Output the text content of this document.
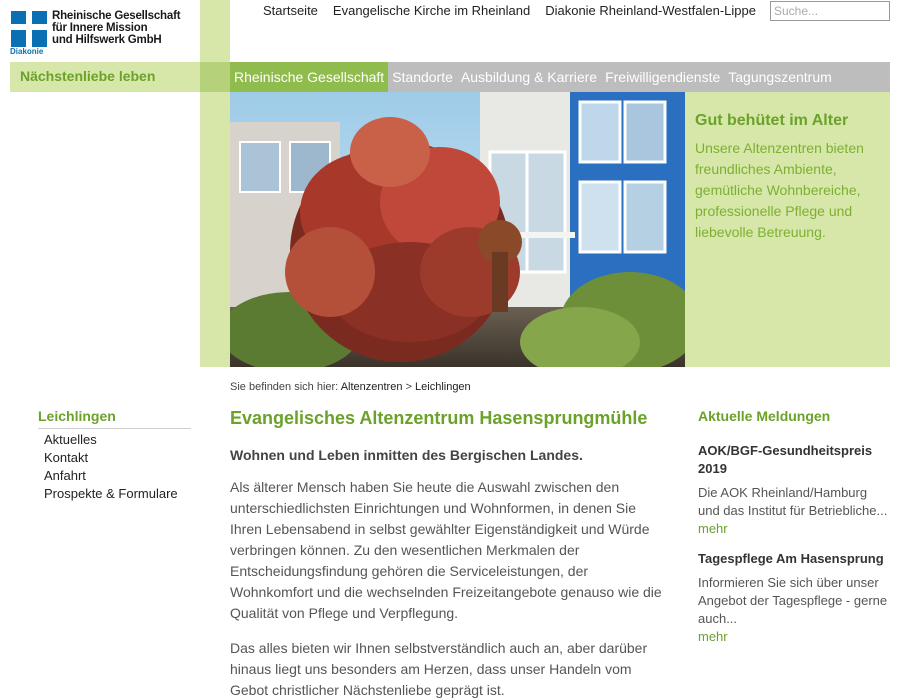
Diakonie
Rheinische Gesellschaft
für Innere Mission
und Hilfswerk GmbH
Startseite Evangelische Kirche im Rheinland Diakonie Rheinland-Westfalen-Lippe
Suche...
Nächstenliebe leben	Rheinische Gesellschaft Standorte Ausbildung & Karriere Freiwilligendienste Tagungszentrum
Gut behütet im Alter
Unsere Altenzentren bieten freundliches Ambiente, gemütliche Wohnbereiche, professionelle Pflege und liebevolle Betreuung.
Sie befinden sich hier: Altenzentren > Leichlingen
Leichlingen
Aktuelles
Kontakt
Anfahrt
Prospekte & Formulare
Evangelisches Altenzentrum Hasensprungmühle
Wohnen und Leben inmitten des Bergischen Landes.

Als älterer Mensch haben Sie heute die Auswahl zwischen den unterschiedlichsten Einrichtungen und Wohnformen, in denen Sie Ihren Lebensabend in selbst gewählter Eigenständigkeit und Würde verbringen können. Zu den wesentlichen Merkmalen der Entscheidungsfindung gehören die Serviceleistungen, der Wohnkomfort und die wechselnden Freizeitangebote genauso wie die Qualität von Pflege und Verpflegung.

Das alles bieten wir Ihnen selbstverständlich auch an, aber darüber hinaus liegt uns besonders am Herzen, dass unser Handeln vom Gebot christlicher Nächstenliebe geprägt ist.

Aktuelle Meldungen
AOK/BGF-Gesundheitspreis 2019
Die AOK Rheinland/Hamburg und das Institut für Betriebliche...
mehr
Tagespflege Am Hasensprung
Informieren Sie sich über unser Angebot der Tagespflege - gerne auch...
mehr
